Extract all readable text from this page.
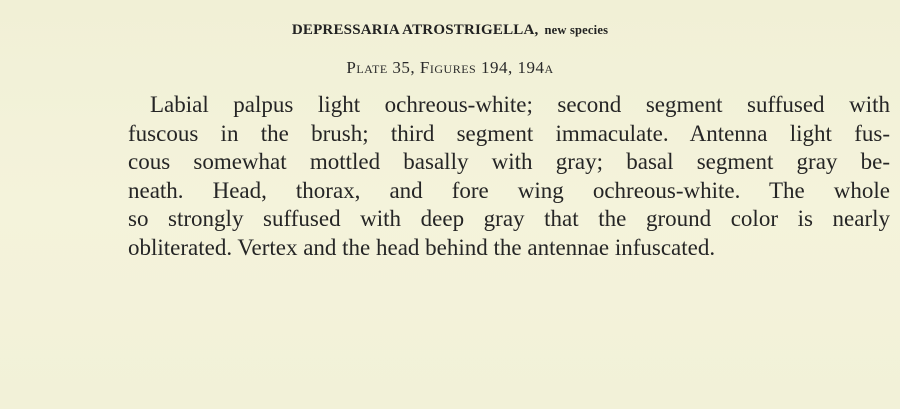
DEPRESSARIA ATROSTRIGELLA, new species
Plate 35, Figures 194, 194a
Labial palpus light ochreous-white; second segment suffused with
fuscous in the brush; third segment immaculate. Antenna light fus-
cous somewhat mottled basally with gray; basal segment gray be-
neath. Head, thorax, and fore wing ochreous-white. The whole
so strongly suffused with deep gray that the ground color is nearly
obliterated. Vertex and the head behind the antennae infuscated.
